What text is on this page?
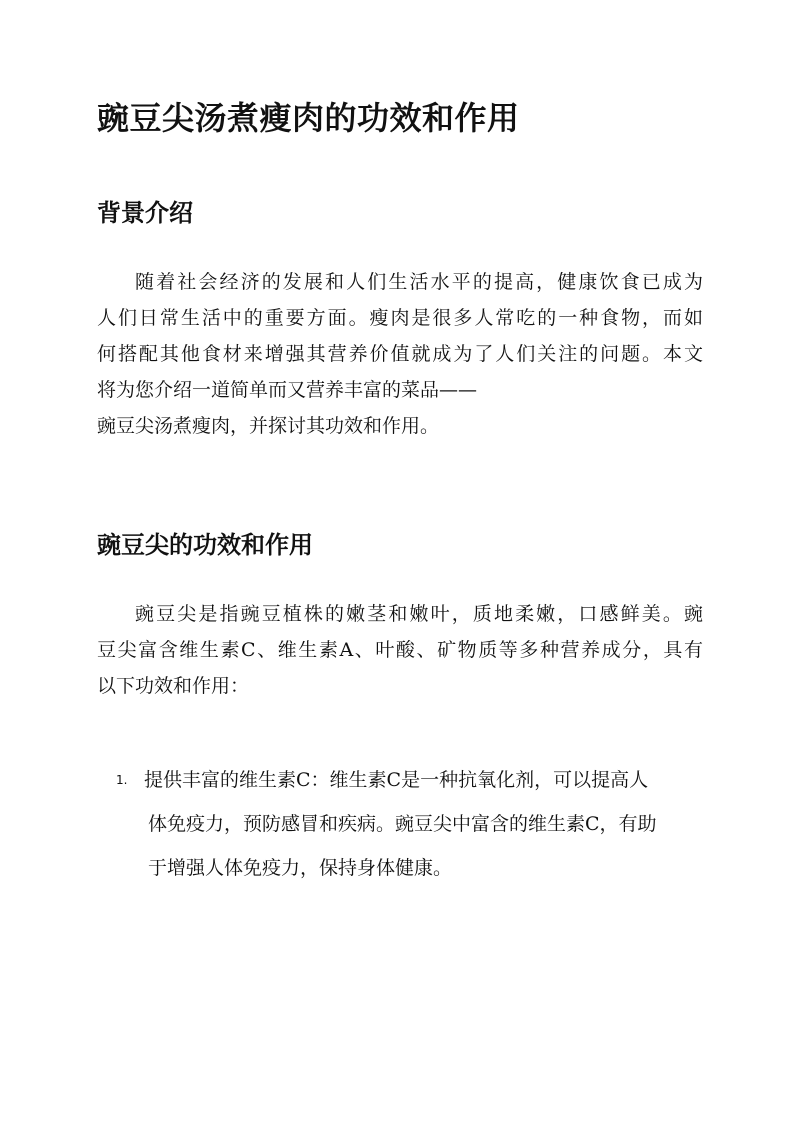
豌豆尖汤煮瘦肉的功效和作用
背景介绍
随着社会经济的发展和人们生活水平的提高，健康饮食已成为
人们日常生活中的重要方面。瘦肉是很多人常吃的一种食物，而如
何搭配其他食材来增强其营养价值就成为了人们关注的问题。本文
将为您介绍一道简单而又营养丰富的菜品——
豌豆尖汤煮瘦肉，并探讨其功效和作用。
豌豆尖的功效和作用
豌豆尖是指豌豆植株的嫩茎和嫩叶，质地柔嫩，口感鲜美。豌
豆尖富含维生素C、维生素A、叶酸、矿物质等多种营养成分，具有
以下功效和作用：
1. 提供丰富的维生素C：维生素C是一种抗氧化剂，可以提高人
体免疫力，预防感冒和疾病。豌豆尖中富含的维生素C，有助
于增强人体免疫力，保持身体健康。
